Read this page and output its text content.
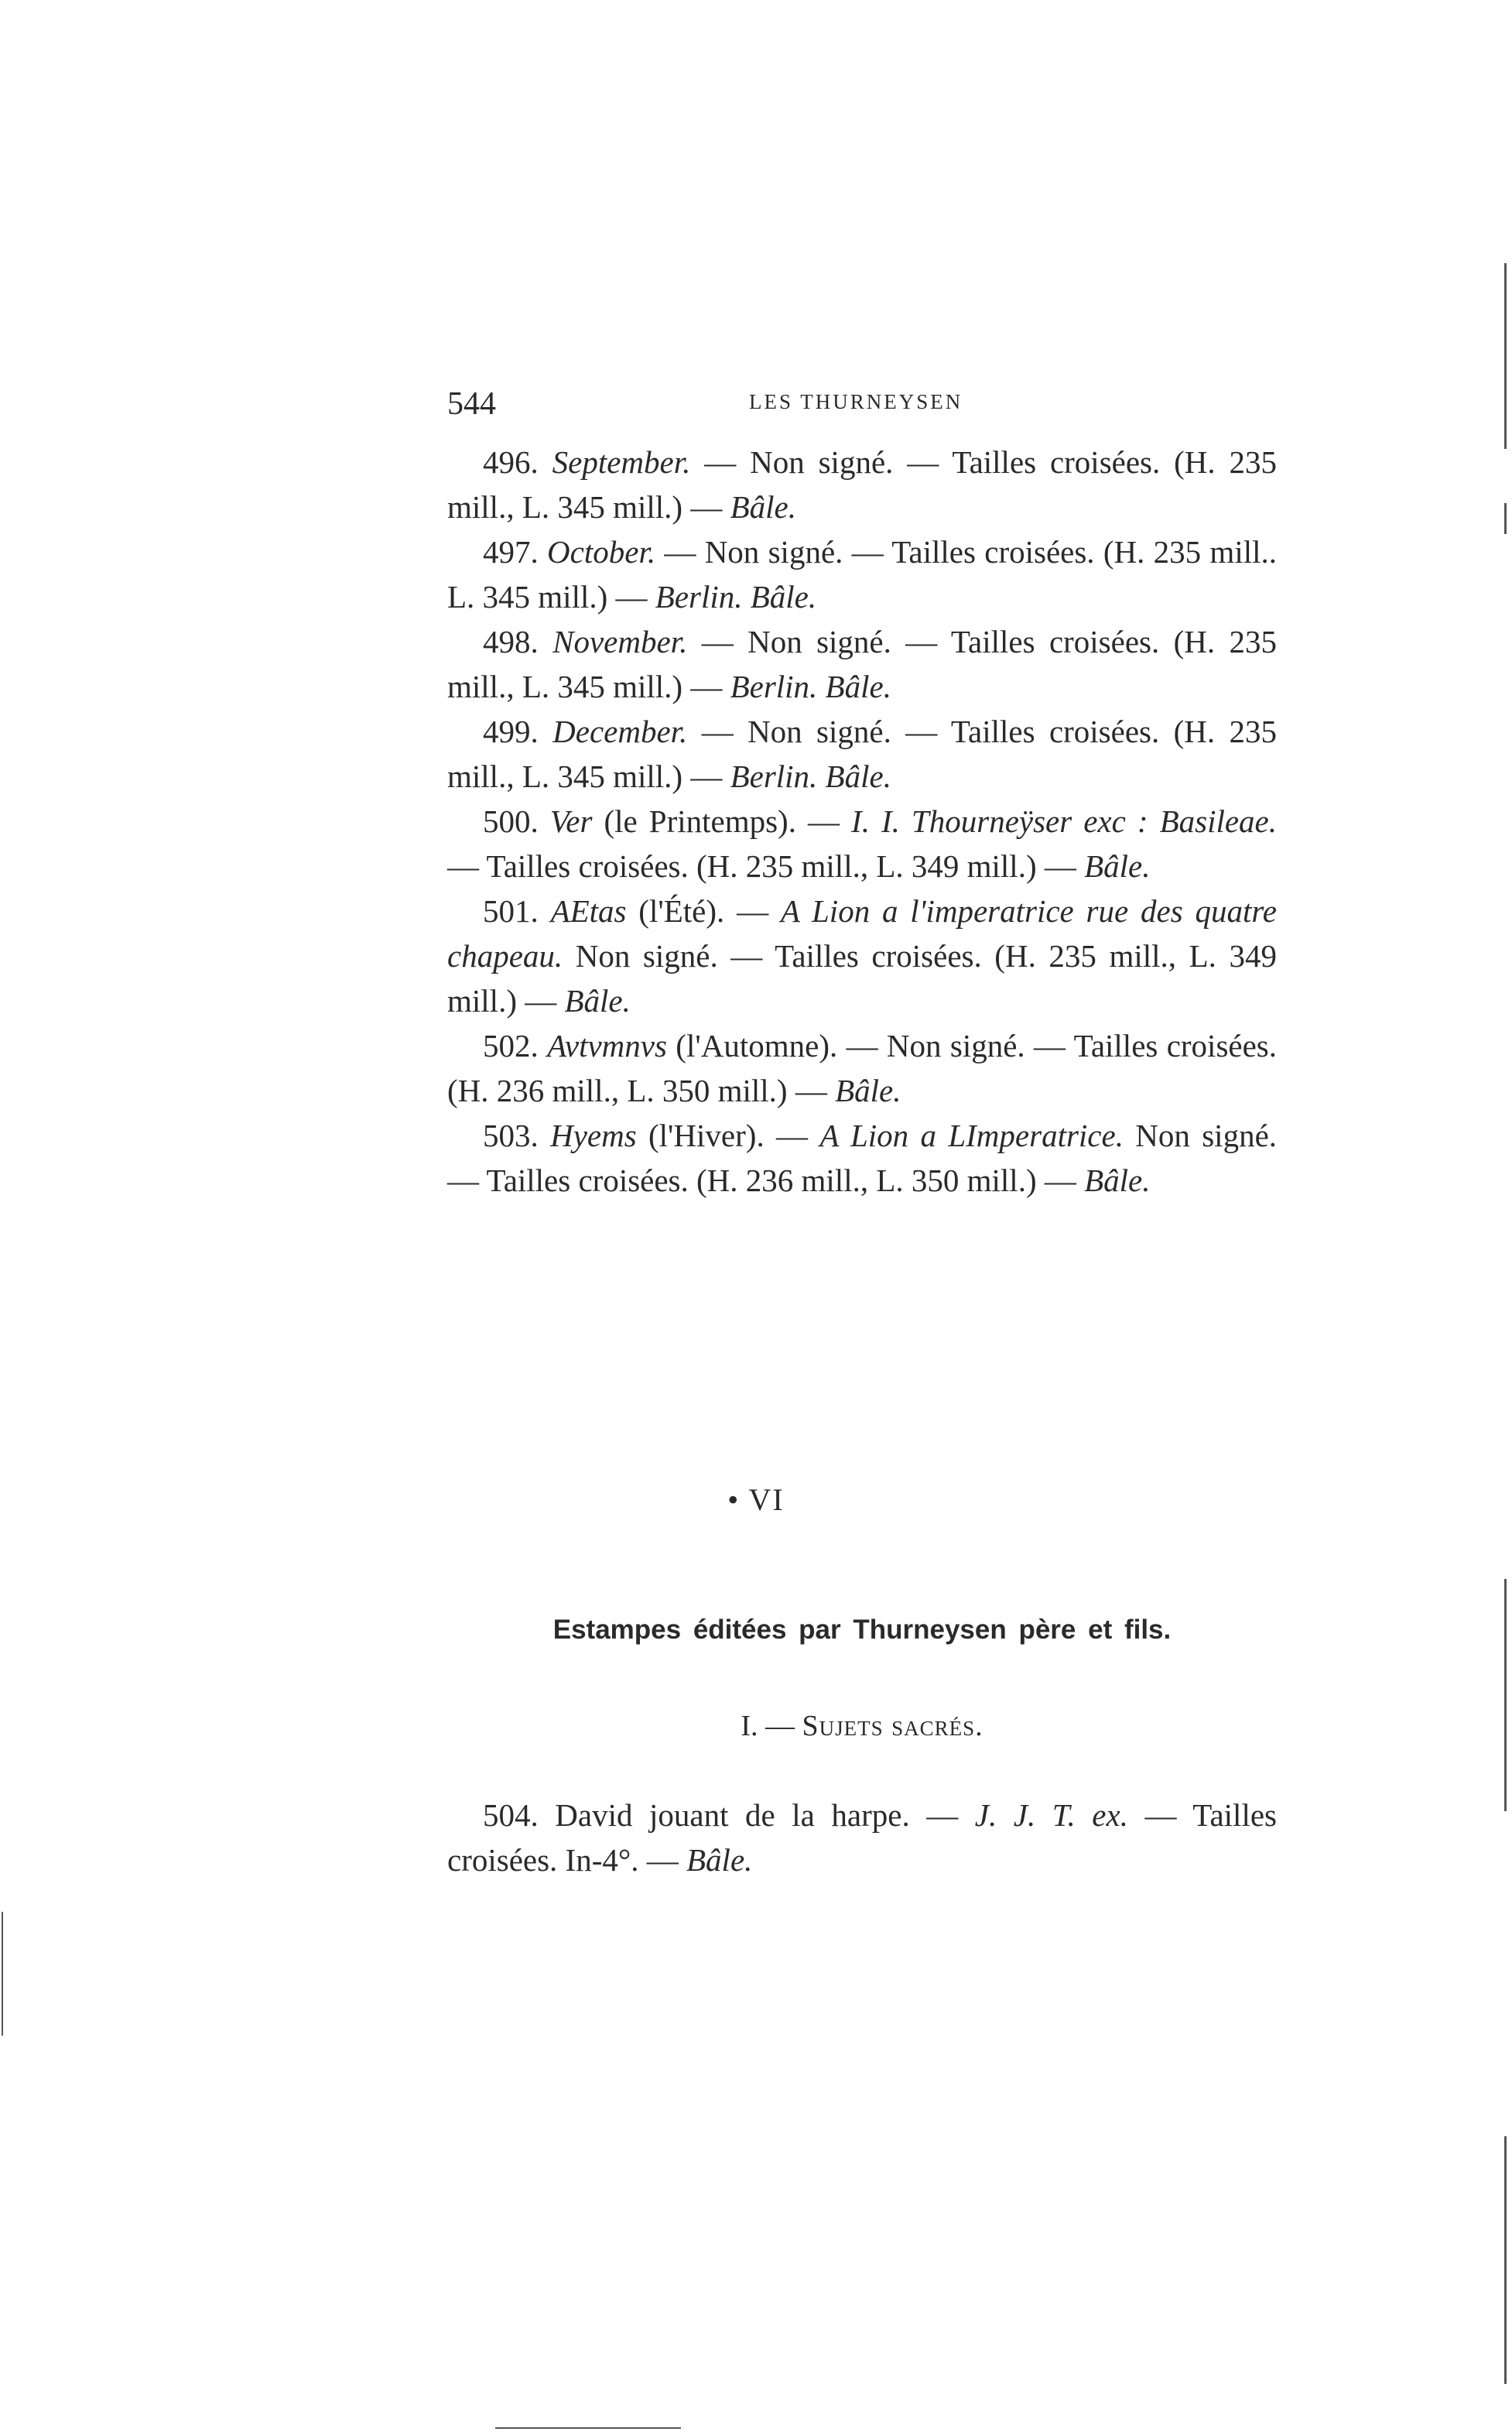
544	LES THURNEYSEN

496. September. — Non signé. — Tailles croisées. (H. 235 mill., L. 345 mill.) — Bâle.

497. October. — Non signé. — Tailles croisées. (H. 235 mill.. L. 345 mill.) — Berlin. Bâle.

498. November. — Non signé. — Tailles croisées. (H. 235 mill., L. 345 mill.) — Berlin. Bâle.

499. December. — Non signé. — Tailles croisées. (H. 235 mill., L. 345 mill.) — Berlin. Bâle.

500. Ver (le Printemps). — I. I. Thourneÿser exc : Basileae. — Tailles croisées. (H. 235 mill., L. 349 mill.) — Bâle.

501. AEtas (l'Été). — A Lion a l'imperatrice rue des quatre chapeau. Non signé. — Tailles croisées. (H. 235 mill., L. 349 mill.) — Bâle.

502. Avtvmnvs (l'Automne). — Non signé. — Tailles croisées. (H. 236 mill., L. 350 mill.) — Bâle.

503. Hyems (l'Hiver). — A Lion a LImperatrice. Non signé. — Tailles croisées. (H. 236 mill., L. 350 mill.) — Bâle.

• VI
Estampes éditées par Thurneysen père et fils.
I. — Sujets sacrés.

504. David jouant de la harpe. — J. J. T. ex. — Tailles croisées. In-4°. — Bâle.
